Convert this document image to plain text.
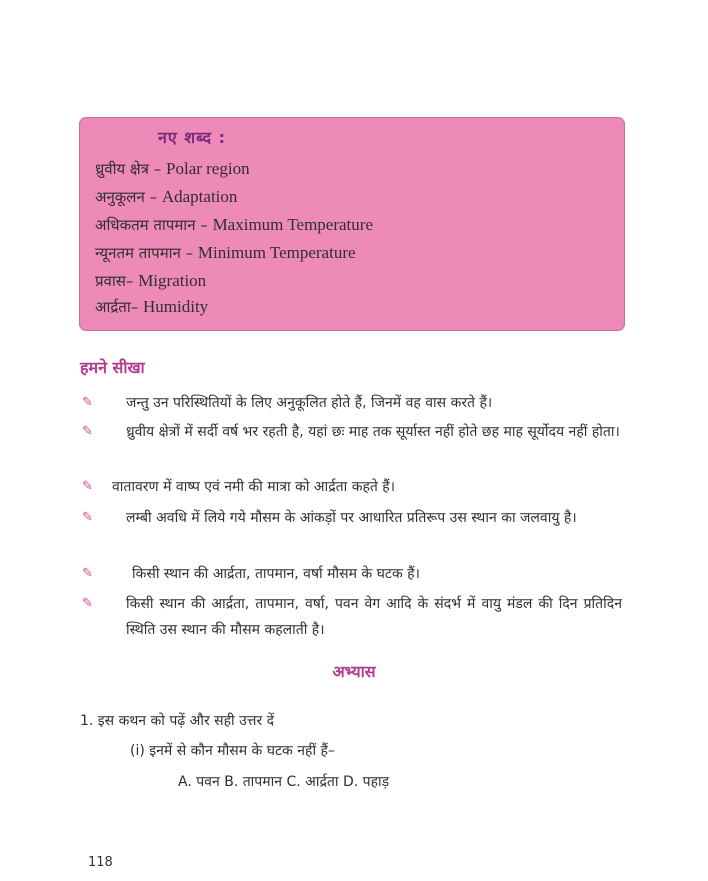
नए शब्द :
ध्रुवीय क्षेत्र – Polar region
अनुकूलन – Adaptation
अधिकतम तापमान – Maximum Temperature
न्यूनतम तापमान – Minimum Temperature
प्रवास– Migration
आर्द्रता– Humidity
हमने सीखा
✎	जन्तु उन परिस्थितियों के लिए अनुकूलित होते हैं, जिनमें वह वास करते हैं।
✎	ध्रुवीय क्षेत्रों में सर्दी वर्ष भर रहती है, यहां छः माह तक सूर्यास्त नहीं होते छह माह सूर्योदय नहीं होता।
✎	वातावरण में वाष्प एवं नमी की मात्रा को आर्द्रता कहते हैं।
✎	लम्बी अवधि में लिये गये मौसम के आंकड़ों पर आधारित प्रतिरूप उस स्थान का जलवायु है।
✎	किसी स्थान की आर्द्रता, तापमान, वर्षा मौसम के घटक हैं।
✎	किसी स्थान की आर्द्रता, तापमान, वर्षा, पवन वेग आदि के संदर्भ में वायु मंडल की दिन प्रतिदिन स्थिति उस स्थान की मौसम कहलाती है।
अभ्यास
1. इस कथन को पढ़ें और सही उत्तर दें
(i) इनमें से कौन मौसम के घटक नहीं हैं–
A. पवन B. तापमान C. आर्द्रता D. पहाड़
118
